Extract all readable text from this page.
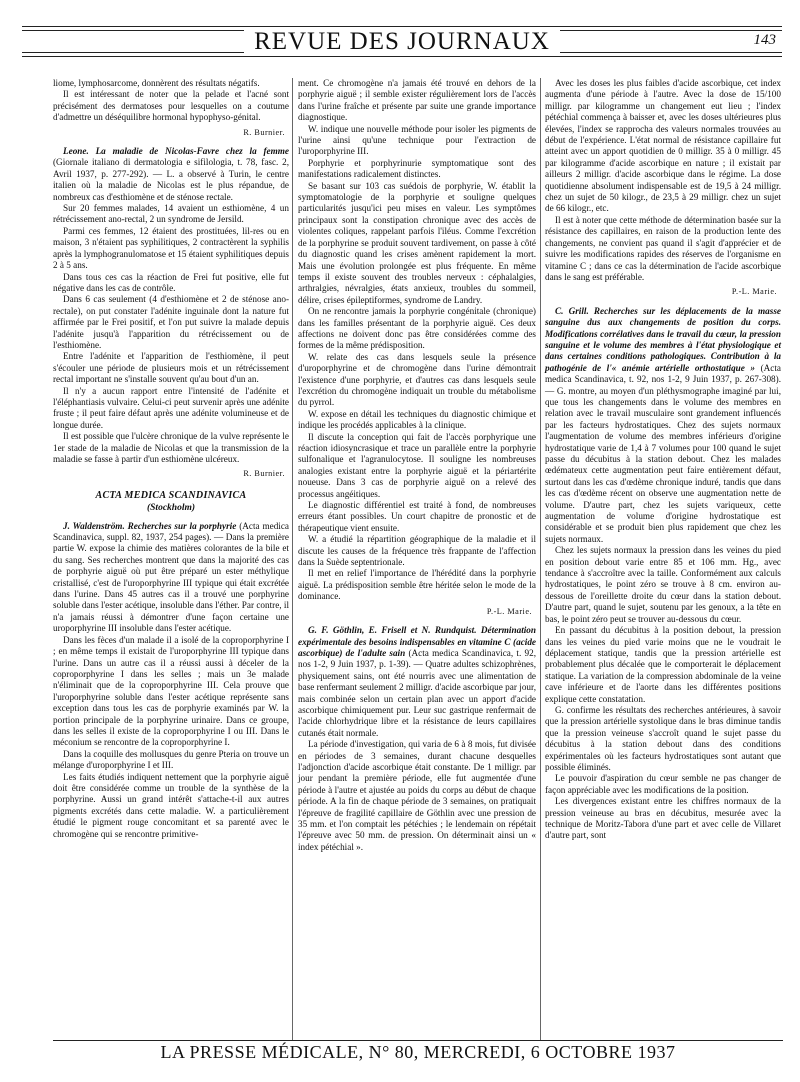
REVUE DES JOURNAUX	143

liome, lymphosarcome, donnèrent des résultats négatifs.

Il est intéressant de noter que la pelade et l'acné sont précisément des dermatoses pour lesquelles on a coutume d'admettre un déséquilibre hormonal hypophyso-génital.

R. Burnier.

Leone. La maladie de Nicolas-Favre chez la femme (Giornale italiano di dermatologia e sifilologia, t. 78, fasc. 2, Avril 1937, p. 277-292). — L. a observé à Turin, le centre italien où la maladie de Nicolas est le plus répandue, de nombreux cas d'esthiomène et de sténose rectale.

Sur 20 femmes malades, 14 avaient un esthiomène, 4 un rétrécissement ano-rectal, 2 un syndrome de Jersild.

Parmi ces femmes, 12 étaient des prostituées, lil-res ou en maison, 3 n'étaient pas syphilitiques, 2 contractèrent la syphilis après la lymphogranulomatose et 15 étaient syphilitiques depuis 2 à 5 ans.

Dans tous ces cas la réaction de Frei fut positive, elle fut négative dans les cas de contrôle.

Dans 6 cas seulement (4 d'esthiomène et 2 de sténose ano-rectale), on put constater l'adénite inguinale dont la nature fut affirmée par le Frei positif, et l'on put suivre la malade depuis l'adénite jusqu'à l'apparition du rétrécissement ou de l'esthiomène.

Entre l'adénite et l'apparition de l'esthiomène, il peut s'écouler une période de plusieurs mois et un rétrécissement rectal important ne s'installe souvent qu'au bout d'un an.

Il n'y a aucun rapport entre l'intensité de l'adénite et l'éléphantiasis vulvaire. Celui-ci peut survenir après une adénite fruste ; il peut faire défaut après une adénite volumineuse et de longue durée.

Il est possible que l'ulcère chronique de la vulve représente le 1er stade de la maladie de Nicolas et que la transmission de la maladie se fasse à partir d'un esthiomène ulcéreux.

R. Burnier.
ACTA MEDICA SCANDINAVICA
(Stockholm)

J. Waldenström. Recherches sur la porphyrie (Acta medica Scandinavica, suppl. 82, 1937, 254 pages). — Dans la première partie W. expose la chimie des matières colorantes de la bile et du sang. Ses recherches montrent que dans la majorité des cas de porphyrie aiguë où put être préparé un ester méthylique cristallisé, c'est de l'uroporphyrine III typique qui était excrétée dans l'urine. Dans 45 autres cas il a trouvé une porphyrine soluble dans l'ester acétique, insoluble dans l'éther. Par contre, il n'a jamais réussi à démontrer d'une façon certaine une uroporphyrine III insoluble dans l'ester acétique.

Dans les fèces d'un malade il a isolé de la coproporphyrine I ; en même temps il existait de l'uroporphyrine III typique dans l'urine. Dans un autre cas il a réussi aussi à déceler de la coproporphyrine I dans les selles ; mais un 3e malade n'éliminait que de la coproporphyrine III. Cela prouve que l'uroporphyrine soluble dans l'ester acétique représente sans exception dans tous les cas de porphyrie examinés par W. la portion principale de la porphyrine urinaire. Dans ce groupe, dans les selles il existe de la coproporphyrine I ou III. Dans le méconium se rencontre de la coproporphyrine I.

Dans la coquille des mollusques du genre Pteria on trouve un mélange d'uroporphyrine I et III.

Les faits étudiés indiquent nettement que la porphyrie aiguë doit être considérée comme un trouble de la synthèse de la porphyrine. Aussi un grand intérêt s'attache-t-il aux autres pigments excrétés dans cette maladie. W. a particulièrement étudié le pigment rouge concomitant et sa parenté avec le chromogène qui se rencontre primitive-

ment. Ce chromogène n'a jamais été trouvé en dehors de la porphyrie aiguë ; il semble exister régulièrement lors de l'accès dans l'urine fraîche et présente par suite une grande importance diagnostique.

W. indique une nouvelle méthode pour isoler les pigments de l'urine ainsi qu'une technique pour l'extraction de l'uroporphyrine III.

Porphyrie et porphyrinurie symptomatique sont des manifestations radicalement distinctes.

Se basant sur 103 cas suédois de porphyrie, W. établit la symptomatologie de la porphyrie et souligne quelques particularités jusqu'ici peu mises en valeur. Les symptômes principaux sont la constipation chronique avec des accès de violentes coliques, rappelant parfois l'iléus. Comme l'excrétion de la porphyrine se produit souvent tardivement, on passe à côté du diagnostic quand les crises amènent rapidement la mort. Mais une évolution prolongée est plus fréquente. En même temps il existe souvent des troubles nerveux : céphalalgies, arthralgies, névralgies, états anxieux, troubles du sommeil, délire, crises épileptiformes, syndrome de Landry.

On ne rencontre jamais la porphyrie congénitale (chronique) dans les familles présentant de la porphyrie aiguë. Ces deux affections ne doivent donc pas être considérées comme des formes de la même prédisposition.

W. relate des cas dans lesquels seule la présence d'uroporphyrine et de chromogène dans l'urine démontrait l'existence d'une porphyrie, et d'autres cas dans lesquels seule l'excrétion du chromogène indiquait un trouble du métabolisme du pyrrol.

W. expose en détail les techniques du diagnostic chimique et indique les procédés applicables à la clinique.

Il discute la conception qui fait de l'accès porphyrique une réaction idiosyncrasique et trace un parallèle entre la porphyrie sulfonalique et l'agranulocytose. Il souligne les nombreuses analogies existant entre la porphyrie aiguë et la périartérite noueuse. Dans 3 cas de porphyrie aiguë on a relevé des processus angéitiques.

Le diagnostic différentiel est traité à fond, de nombreuses erreurs étant possibles. Un court chapitre de pronostic et de thérapeutique vient ensuite.

W. a étudié la répartition géographique de la maladie et il discute les causes de la fréquence très frappante de l'affection dans la Suède septentrionale.

Il met en relief l'importance de l'hérédité dans la porphyrie aiguë. La prédisposition semble être héritée selon le mode de la dominance.

P.-L. Marie.

G. F. Göthlin, E. Frisell et N. Rundquist. Détermination expérimentale des besoins indispensables en vitamine C (acide ascorbique) de l'adulte sain (Acta medica Scandinavica, t. 92, nos 1-2, 9 Juin 1937, p. 1-39). — Quatre adultes schizophrènes, physiquement sains, ont été nourris avec une alimentation de base renfermant seulement 2 milligr. d'acide ascorbique par jour, mais combinée selon un certain plan avec un apport d'acide ascorbique chimiquement pur. Leur suc gastrique renfermait de l'acide chlorhydrique libre et la résistance de leurs capillaires cutanés était normale.

La période d'investigation, qui varia de 6 à 8 mois, fut divisée en périodes de 3 semaines, durant chacune desquelles l'adjonction d'acide ascorbique était constante. De 1 milligr. par jour pendant la première période, elle fut augmentée d'une période à l'autre et ajustée au poids du corps au début de chaque période. A la fin de chaque période de 3 semaines, on pratiquait l'épreuve de fragilité capillaire de Göthlin avec une pression de 35 mm. et l'on comptait les pétéchies ; le lendemain on répétait l'épreuve avec 50 mm. de pression. On déterminait ainsi un « index pétéchial ».

Avec les doses les plus faibles d'acide ascorbique, cet index augmenta d'une période à l'autre. Avec la dose de 15/100 milligr. par kilogramme un changement eut lieu ; l'index pétéchial commença à baisser et, avec les doses ultérieures plus élevées, l'index se rapprocha des valeurs normales trouvées au début de l'expérience. L'état normal de résistance capillaire fut atteint avec un apport quotidien de 0 milligr. 35 à 0 milligr. 45 par kilogramme d'acide ascorbique en nature ; il existait par ailleurs 2 milligr. d'acide ascorbique dans le régime. La dose quotidienne absolument indispensable est de 19,5 à 24 milligr. chez un sujet de 50 kilogr., de 23,5 à 29 milligr. chez un sujet de 66 kilogr., etc.

Il est à noter que cette méthode de détermination basée sur la résistance des capillaires, en raison de la production lente des changements, ne convient pas quand il s'agit d'apprécier et de suivre les modifications rapides des réserves de l'organisme en vitamine C ; dans ce cas la détermination de l'acide ascorbique dans le sang est préférable.

P.-L. Marie.

C. Grill. Recherches sur les déplacements de la masse sanguine dus aux changements de position du corps. Modifications corrélatives dans le travail du cœur, la pression sanguine et le volume des membres à l'état physiologique et dans certaines conditions pathologiques. Contribution à la pathogénie de l'« anémie artérielle orthostatique » (Acta medica Scandinavica, t. 92, nos 1-2, 9 Juin 1937, p. 267-308). — G. montre, au moyen d'un pléthysmographe imaginé par lui, que tous les changements dans le volume des membres en relation avec le travail musculaire sont grandement influencés par les facteurs hydrostatiques. Chez des sujets normaux l'augmentation de volume des membres inférieurs d'origine hydrostatique varie de 1,4 à 7 volumes pour 100 quand le sujet passe du décubitus à la station debout. Chez les malades œdémateux cette augmentation peut faire entièrement défaut, surtout dans les cas d'œdème chronique induré, tandis que dans les cas d'œdème récent on observe une augmentation nette de volume. D'autre part, chez les sujets variqueux, cette augmentation de volume d'origine hydrostatique est considérable et se produit bien plus rapidement que chez les sujets normaux.

Chez les sujets normaux la pression dans les veines du pied en position debout varie entre 85 et 106 mm. Hg., avec tendance à s'accroître avec la taille. Conformément aux calculs hydrostatiques, le point zéro se trouve à 8 cm. environ au-dessous de l'oreillette droite du cœur dans la station debout. D'autre part, quand le sujet, soutenu par les genoux, a la tête en bas, le point zéro peut se trouver au-dessous du cœur.

En passant du décubitus à la position debout, la pression dans les veines du pied varie moins que ne le voudrait le déplacement statique, tandis que la pression artérielle est probablement plus décalée que le comporterait le déplacement statique. La variation de la compression abdominale de la veine cave inférieure et de l'aorte dans les différentes positions explique cette constatation.

G. confirme les résultats des recherches antérieures, à savoir que la pression artérielle systolique dans le bras diminue tandis que la pression veineuse s'accroît quand le sujet passe du décubitus à la station debout dans des conditions expérimentales où les facteurs hydrostatiques sont autant que possible éliminés.

Le pouvoir d'aspiration du cœur semble ne pas changer de façon appréciable avec les modifications de la position.

Les divergences existant entre les chiffres normaux de la pression veineuse au bras en décubitus, mesurée avec la technique de Moritz-Tabora d'une part et avec celle de Villaret d'autre part, sont

LA PRESSE MÉDICALE, N° 80, MERCREDI, 6 OCTOBRE 1937
